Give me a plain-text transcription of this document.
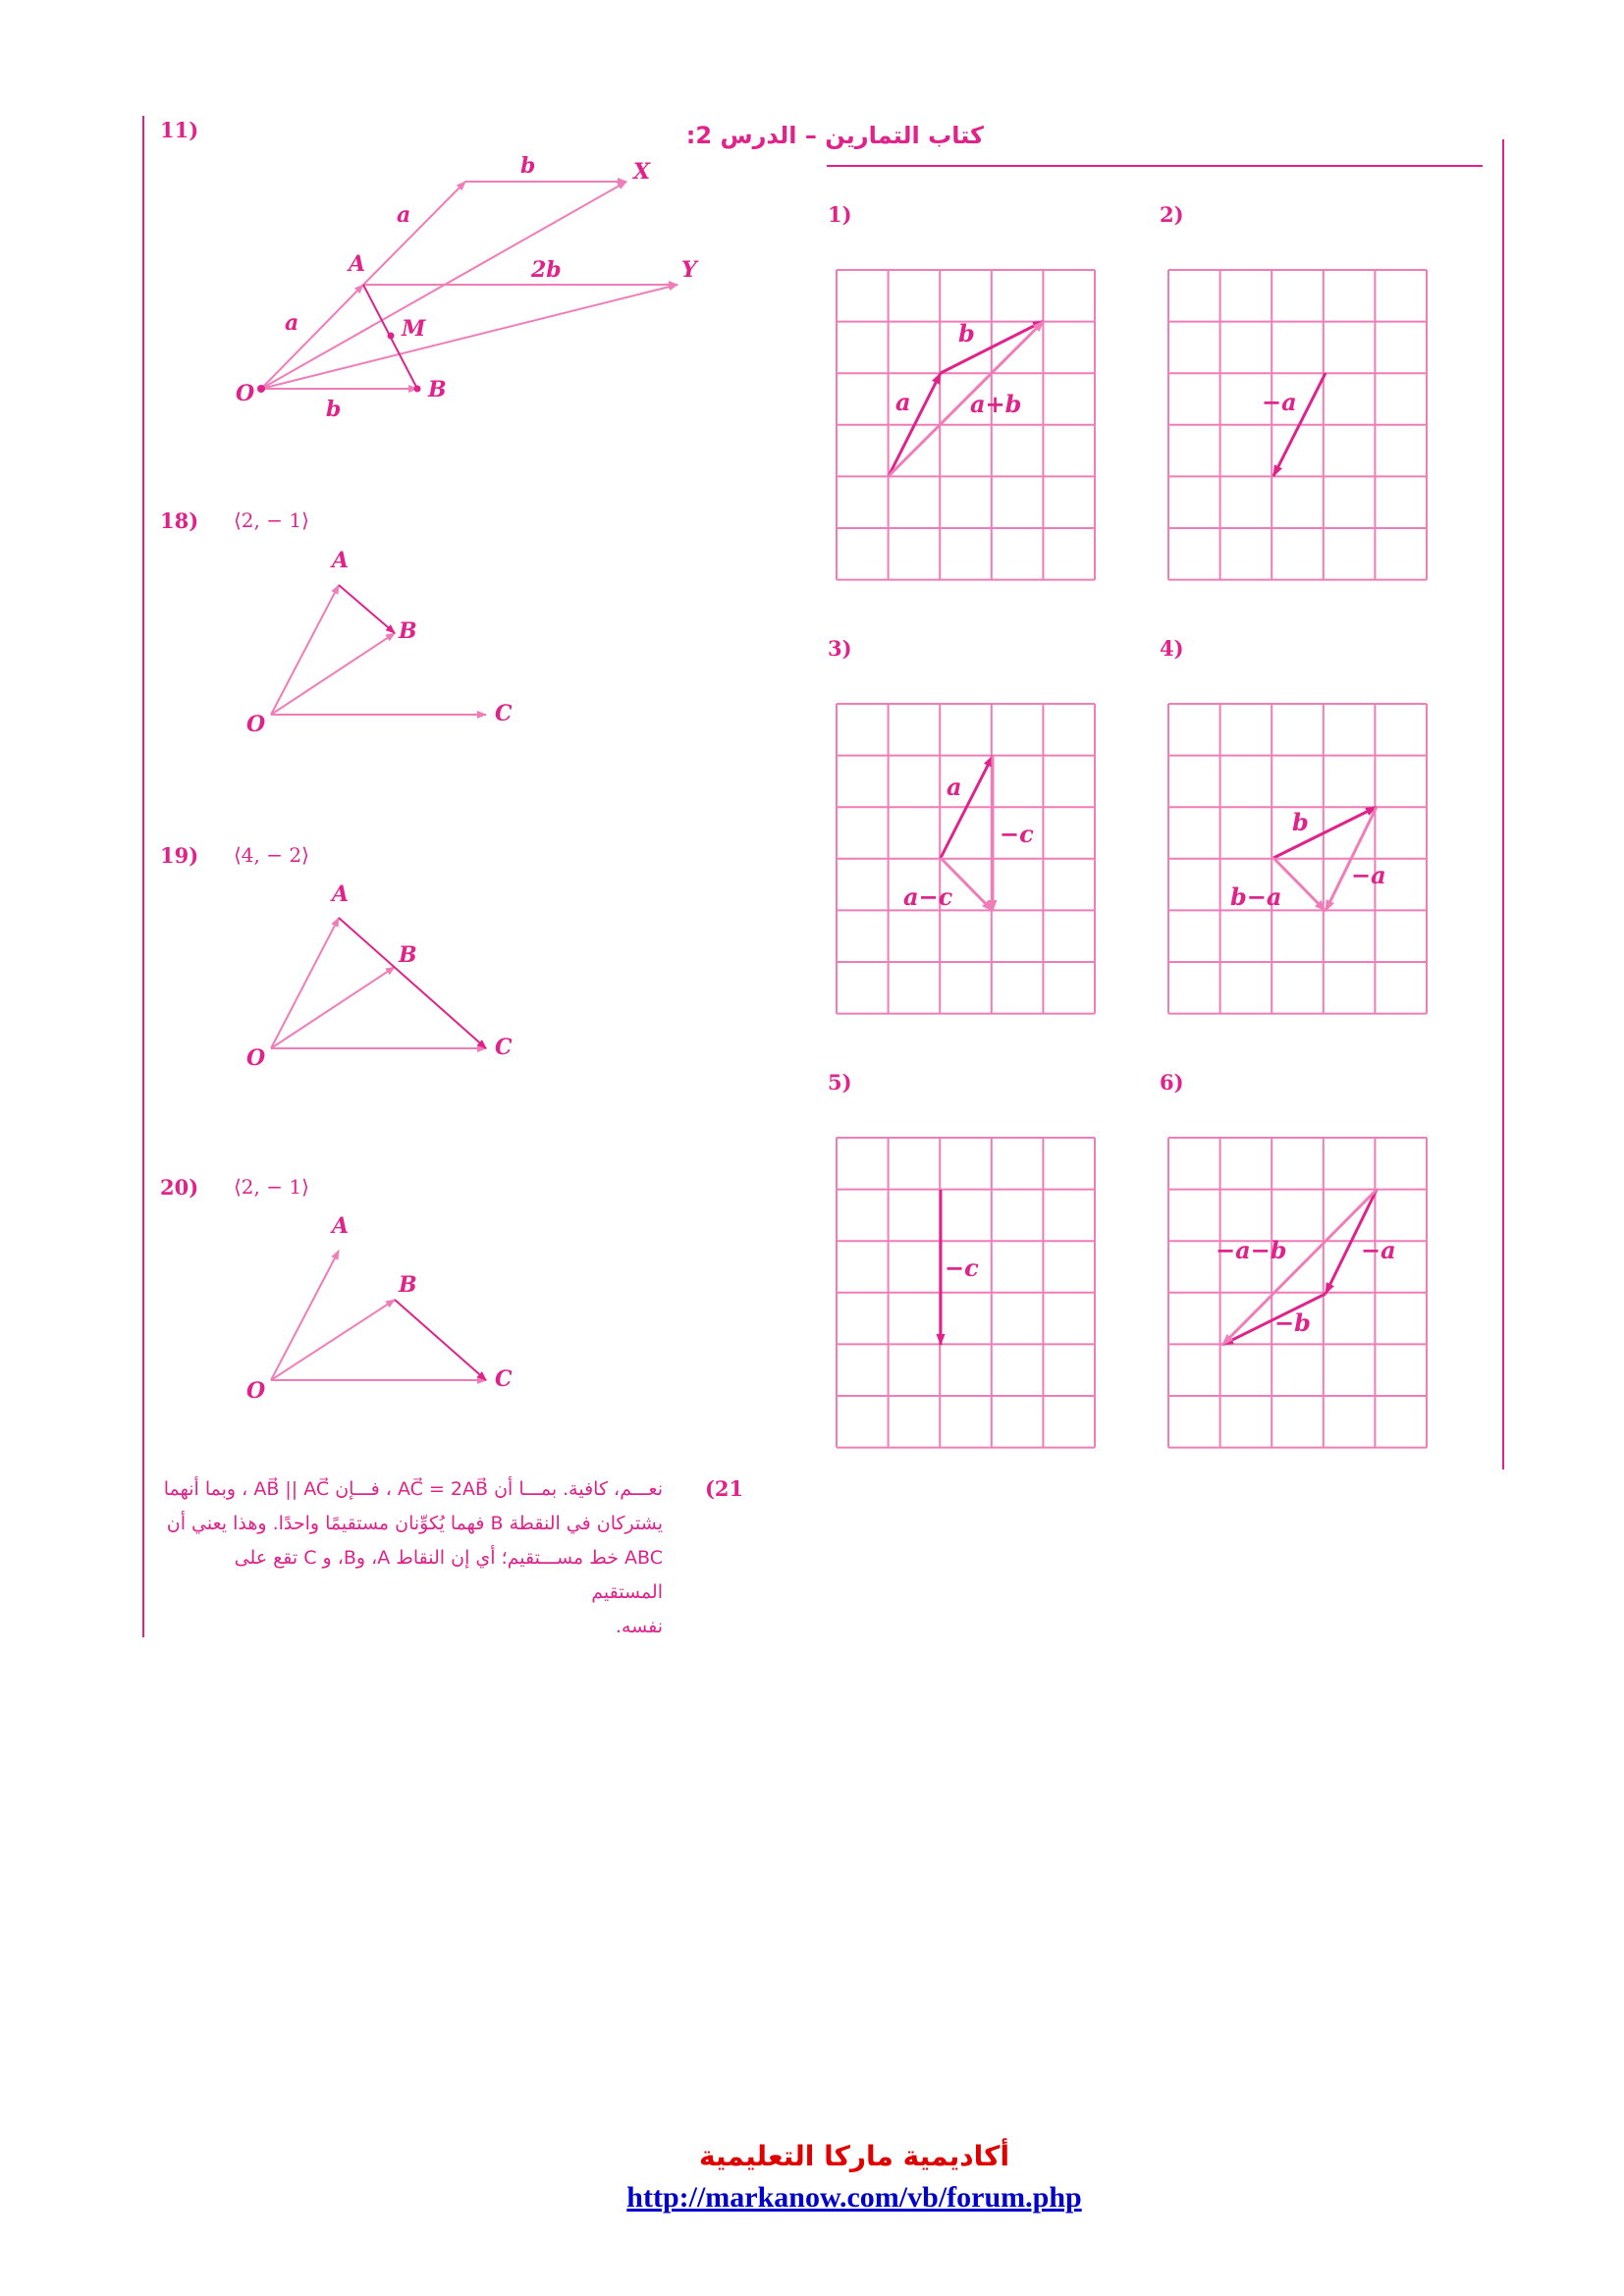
كتاب التمارين – الدرس 2:
11)
b	X
a
A	2b	Y
a	M
O	B
b
18) ⟨2, − 1⟩
A
B
O	C
19) ⟨4, − 2⟩
A
B
O	C
20) ⟨2, − 1⟩
A
B
O	C
(21
نعـــم، كافية. بمـــا أن AC⃗ = 2AB⃗ ، فـــإن AB⃗ || AC⃗ ، وبما أنهما
يشتركان في النقطة B فهما يُكوِّنان مستقيمًا واحدًا. وهذا يعني أن
ABC خط مســـتقيم؛ أي إن النقاط A، وB، و C تقع على المستقيم
نفسه.
1)	2)
3)	4)
5)	6)
b
a	a+b	−a
a
−c
a−c
b
−a
b−a
−c
−a−b	−a
−b
أكاديمية ماركا التعليمية
http://markanow.com/vb/forum.php
